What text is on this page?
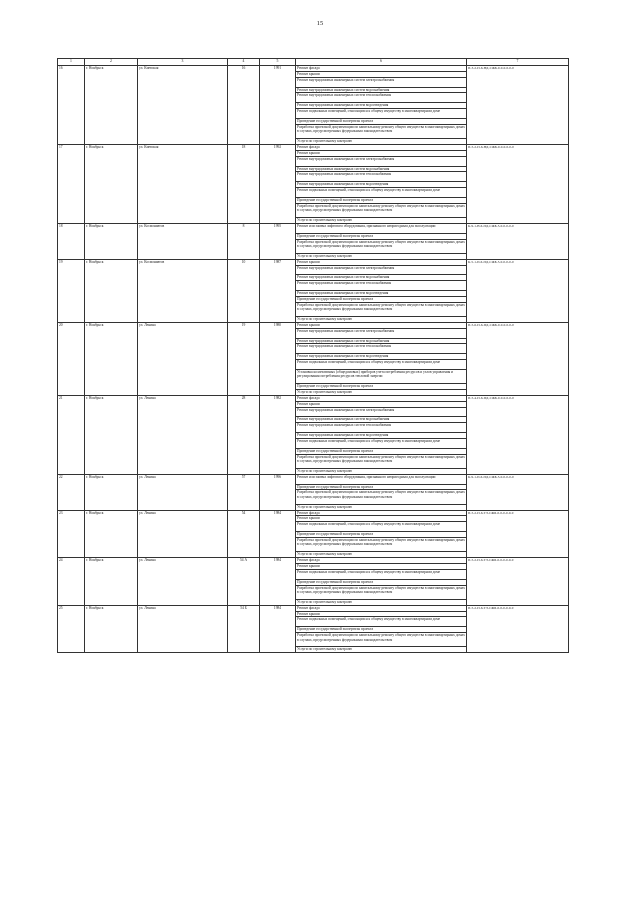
15
1	2	3	4	5	6	7
16	г. Ноябрьск	ул. Киевская	16	1991	Ремонт фасада	П-3-2-П-6-НД-СЖБ-0-0-0-0-0-0
					Ремонт крыши	
					Ремонт внутридомовых инженерных систем электроснабжения	
					Ремонт внутридомовых инженерных систем водоснабжения	
					Ремонт внутридомовых инженерных систем теплоснабжения	
					Ремонт внутридомовых инженерных систем водоотведения	
					Ремонт подвальных помещений, относящихся к общему имуществу в многоквартирном доме	
					Проведение государственной экспертизы проекта	
					Разработка проектной документации по капитальному ремонту общего имущества в многоквартирных домах в случаях, предусмотренных федеральным законодательством	
					Услуги по строительному контролю	
17	г. Ноябрьск	ул. Киевская	18	1992	Ремонт фасада	П-5-2-П-6-НД-СЖБ-0-0-0-0-0-0
					Ремонт крыши	
					Ремонт внутридомовых инженерных систем электроснабжения	
					Ремонт внутридомовых инженерных систем водоснабжения	
					Ремонт внутридомовых инженерных систем теплоснабжения	
					Ремонт внутридомовых инженерных систем водоотведения	
					Ремонт подвальных помещений, относящихся к общему имуществу в многоквартирном доме	
					Проведение государственной экспертизы проекта	
					Разработка проектной документации по капитальному ремонту общего имущества в многоквартирных домах в случаях, предусмотренных федеральным законодательством	
					Услуги по строительному контролю	
18	г. Ноябрьск	ул. Космонавтов	8	1995	Ремонт или замена лифтового оборудования, признанного непригодным для эксплуатации	К-9-1-Н-6-ПД-СЖБ-5-0-0-0-0-0
					Проведение государственной экспертизы проекта	
					Разработка проектной документации по капитальному ремонту общего имущества в многоквартирных домах в случаях, предусмотренных федеральным законодательством	
					Услуги по строительному контролю	
19	г. Ноябрьск	ул. Космонавтов	10	1987	Ремонт крыши	К-5-1-П-6-ПД-СЖБ-5-0-0-0-0-0
					Ремонт внутридомовых инженерных систем электроснабжения	
					Ремонт внутридомовых инженерных систем водоснабжения	
					Ремонт внутридомовых инженерных систем теплоснабжения	
					Ремонт внутридомовых инженерных систем водоотведения	
					Проведение государственной экспертизы проекта	
					Разработка проектной документации по капитальному ремонту общего имущества в многоквартирных домах в случаях, предусмотренных федеральным законодательством	
					Услуги по строительному контролю	
20	г. Ноябрьск	ул. Ленина	19	1980	Ремонт крыши	П-5-6-П-6-ПД-СЖБ-0-0-0-0-0-0
					Ремонт внутридомовых инженерных систем электроснабжения	
					Ремонт внутридомовых инженерных систем водоснабжения	
					Ремонт внутридомовых инженерных систем теплоснабжения	
					Ремонт внутридомовых инженерных систем водоотведения	
					Ремонт подвальных помещений, относящихся к общему имуществу в многоквартирном доме	
					Установка коллективных (общедомовых) приборов учета потребления ресурсов и узлов управления и регулирования потребления ресурсов тепловой энергии	
					Проведение государственной экспертизы проекта	
					Услуги по строительному контролю	
21	г. Ноябрьск	ул. Ленина	28	1982	Ремонт фасада	П-5-4-П-6-ПД-СЖБ-0-0-0-0-0-0
					Ремонт крыши	
					Ремонт внутридомовых инженерных систем электроснабжения	
					Ремонт внутридомовых инженерных систем водоснабжения	
					Ремонт внутридомовых инженерных систем теплоснабжения	
					Ремонт внутридомовых инженерных систем водоотведения	
					Ремонт подвальных помещений, относящихся к общему имуществу в многоквартирном доме	
					Проведение государственной экспертизы проекта	
					Разработка проектной документации по капитальному ремонту общего имущества в многоквартирных домах в случаях, предусмотренных федеральным законодательством	
					Услуги по строительному контролю	
22	г. Ноябрьск	ул. Ленина	57	1996	Ремонт или замена лифтового оборудования, признанного непригодным для эксплуатации	К-9-1-П-6-ПД-СЖБ-5-0-0-0-0-0
					Проведение государственной экспертизы проекта	
					Разработка проектной документации по капитальному ремонту общего имущества в многоквартирных домах в случаях, предусмотренных федеральным законодательством	
					Услуги по строительному контролю	
23	г. Ноябрьск	ул. Ленина	54	1984	Ремонт фасада	П-5-2-П-6-ТЭ-СЖБ-0-0-0-0-0-0
					Ремонт крыши	
					Ремонт подвальных помещений, относящихся к общему имуществу в многоквартирном доме	
					Проведение государственной экспертизы проекта	
					Разработка проектной документации по капитальному ремонту общего имущества в многоквартирных домах в случаях, предусмотренных федеральным законодательством	
					Услуги по строительному контролю	
24	г. Ноябрьск	ул. Ленина	54 А	1984	Ремонт фасада	П-5-2-П-6-ТЭ-СЖБ-0-0-0-0-0-0
					Ремонт крыши	
					Ремонт подвальных помещений, относящихся к общему имуществу в многоквартирном доме	
					Проведение государственной экспертизы проекта	
					Разработка проектной документации по капитальному ремонту общего имущества в многоквартирных домах в случаях, предусмотренных федеральным законодательством	
					Услуги по строительному контролю	
25	г. Ноябрьск	ул. Ленина	54 Б	1984	Ремонт фасада	П-5-2-П-6-ТЭ-СЖБ-0-0-0-0-0-0
					Ремонт крыши	
					Ремонт подвальных помещений, относящихся к общему имуществу в многоквартирном доме	
					Проведение государственной экспертизы проекта	
					Разработка проектной документации по капитальному ремонту общего имущества в многоквартирных домах в случаях, предусмотренных федеральным законодательством	
					Услуги по строительному контролю	
